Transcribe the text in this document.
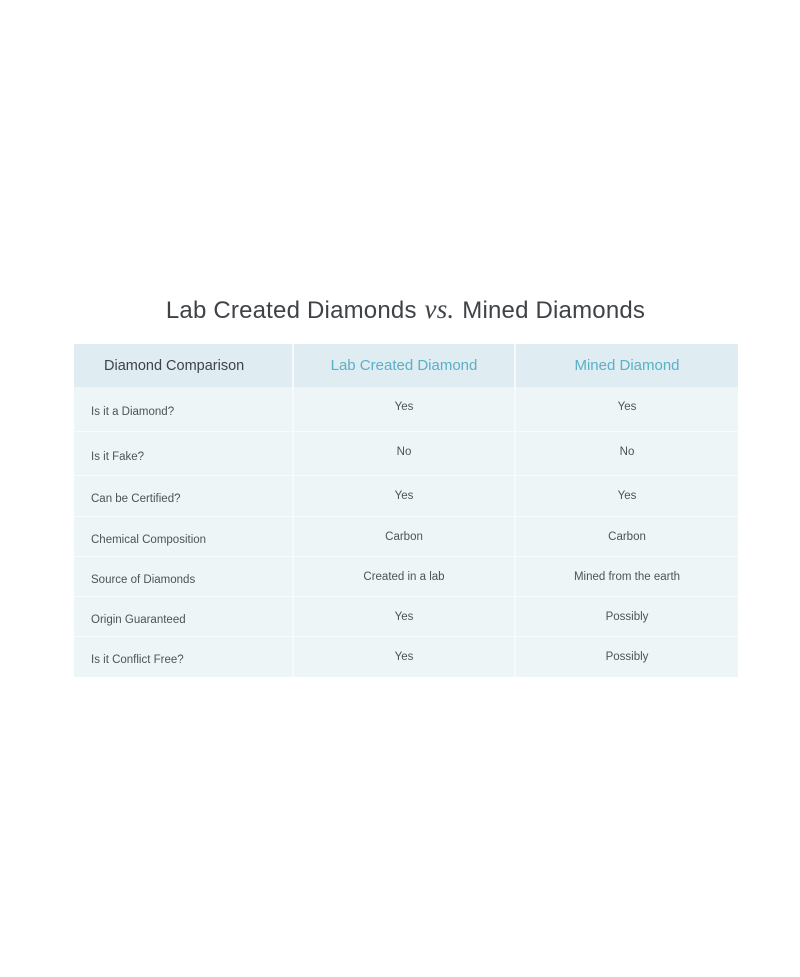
Lab Created Diamonds vs. Mined Diamonds
Diamond Comparison	Lab Created Diamond	Mined Diamond
Is it a Diamond?	Yes	Yes
Is it Fake?	No	No
Can be Certified?	Yes	Yes
Chemical Composition	Carbon	Carbon
Source of Diamonds	Created in a lab	Mined from the earth
Origin Guaranteed	Yes	Possibly
Is it Conflict Free?	Yes	Possibly
